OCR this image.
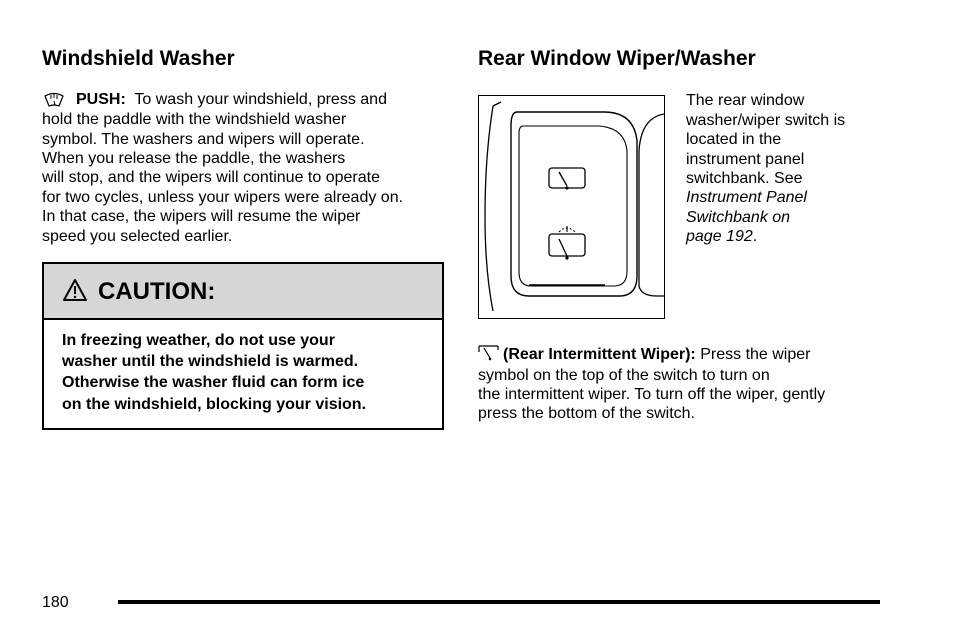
Windshield Washer
PUSH: To wash your windshield, press and
hold the paddle with the windshield washer
symbol. The washers and wipers will operate.
When you release the paddle, the washers
will stop, and the wipers will continue to operate
for two cycles, unless your wipers were already on.
In that case, the wipers will resume the wiper
speed you selected earlier.
CAUTION:
In freezing weather, do not use your
washer until the windshield is warmed.
Otherwise the washer fluid can form ice
on the windshield, blocking your vision.
Rear Window Wiper/Washer
The rear window
washer/wiper switch is
located in the
instrument panel
switchbank. See
Instrument Panel
Switchbank on
page 192.
(Rear Intermittent Wiper): Press the wiper
symbol on the top of the switch to turn on
the intermittent wiper. To turn off the wiper, gently
press the bottom of the switch.
180
